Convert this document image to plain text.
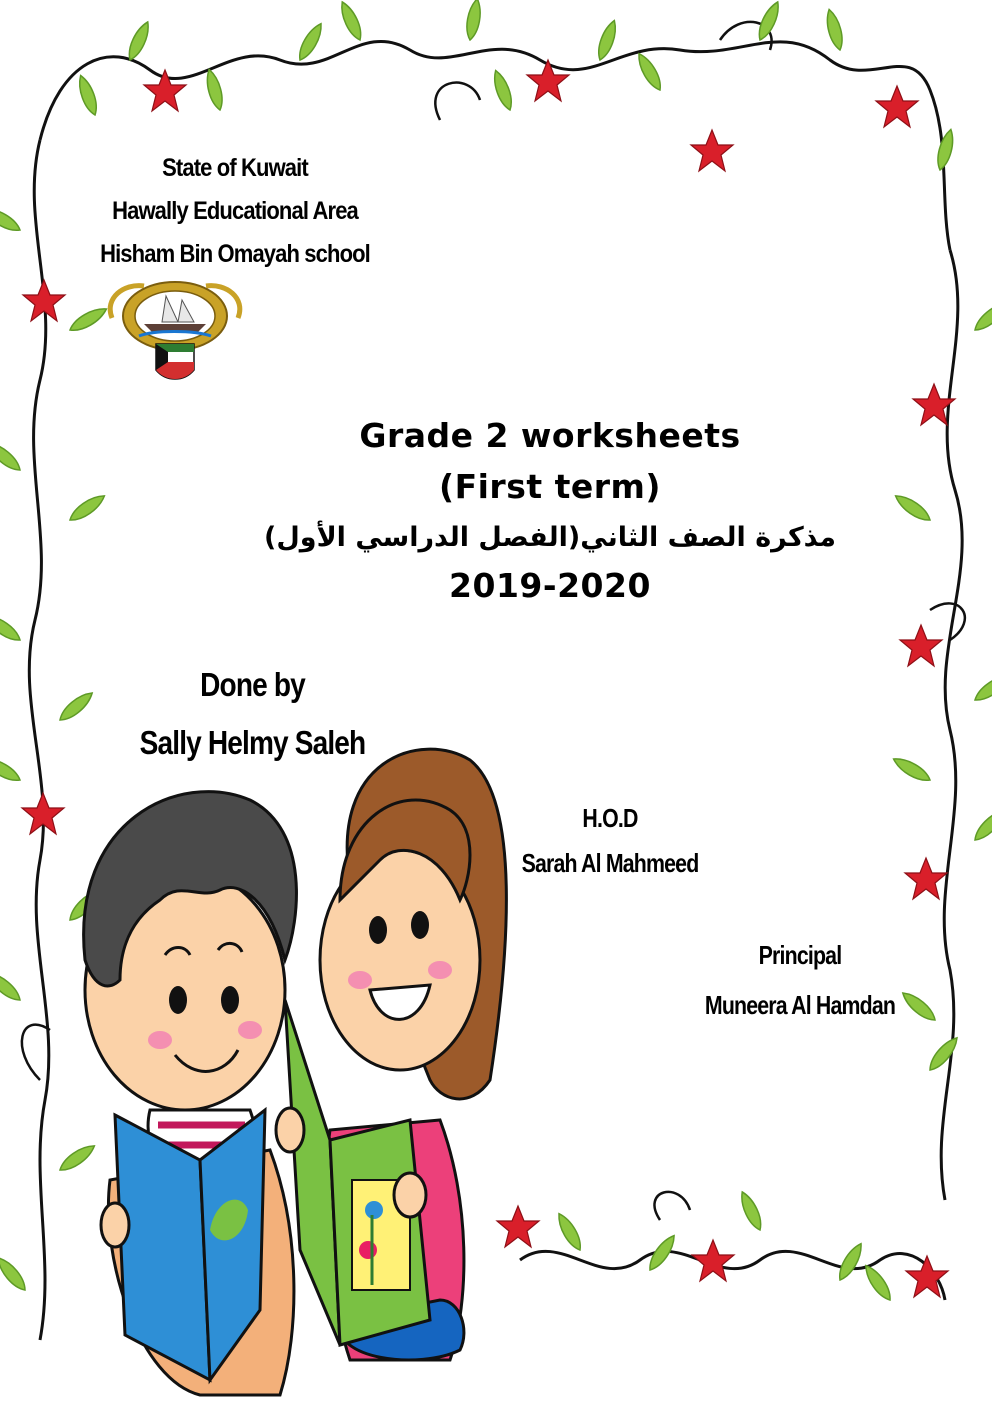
State of Kuwait
Hawally Educational Area
Hisham Bin Omayah school
Grade 2 worksheets
(First term)
مذكرة الصف الثاني(الفصل الدراسي الأول)
2019-2020
Done by
Sally Helmy Saleh
H.O.D
Sarah Al Mahmeed
Principal
Muneera Al Hamdan
